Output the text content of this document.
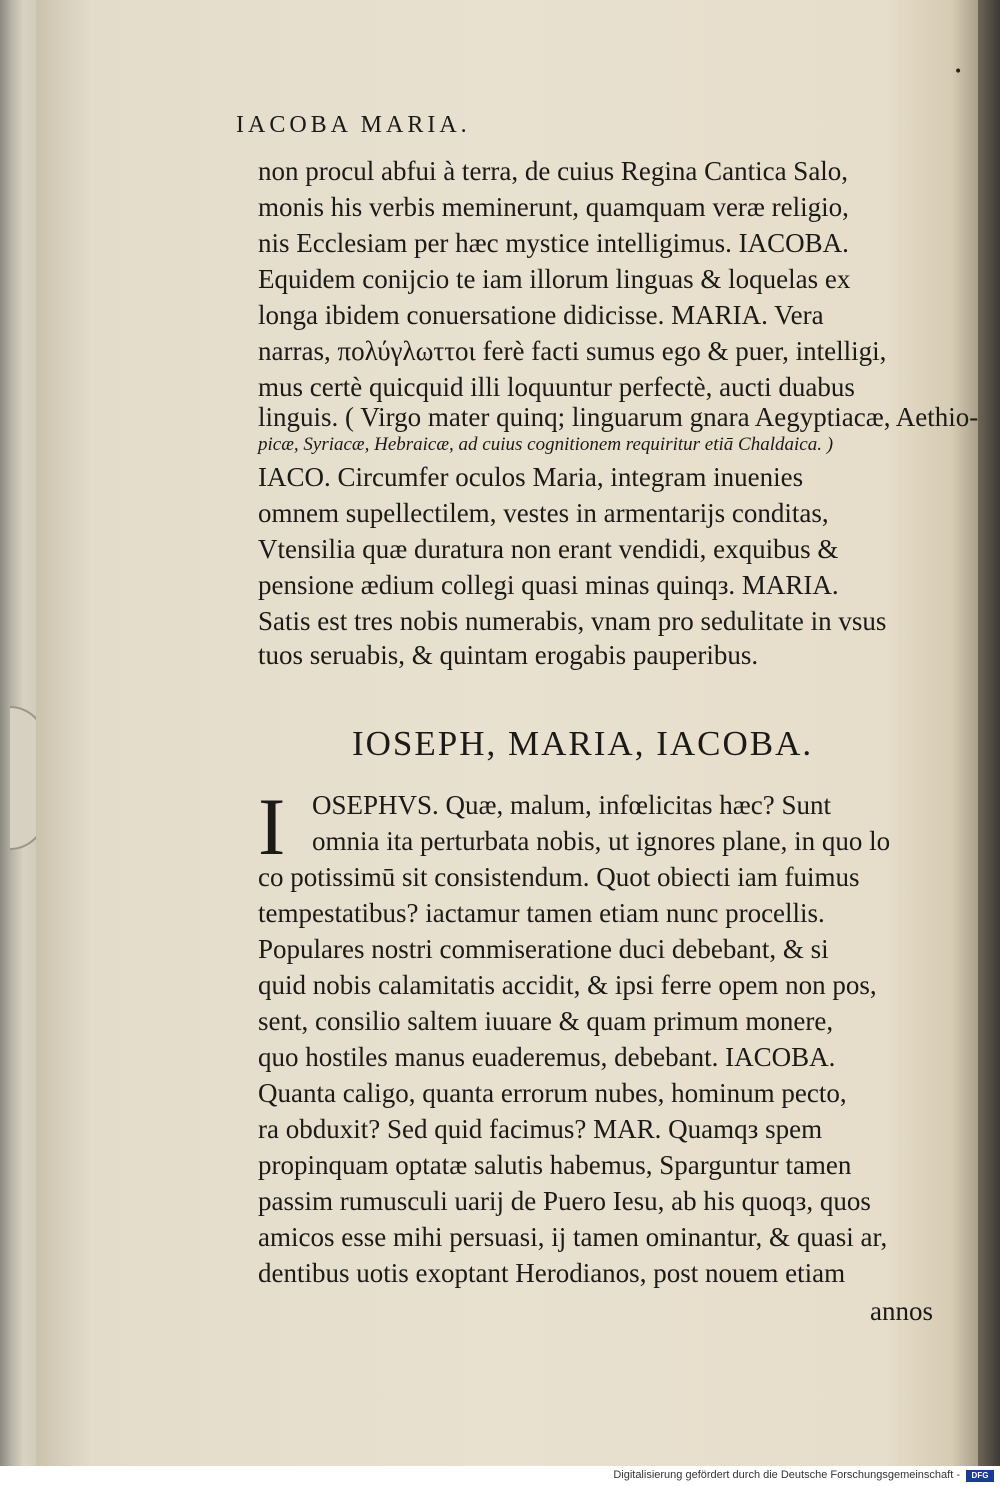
•
IACOBA MARIA.
non procul abfui à terra, de cuius Regina Cantica Salo,
monis his verbis meminerunt, quamquam veræ religio,
nis Ecclesiam per hæc mystice intelligimus. IACOBA.
Equidem conijcio te iam illorum linguas & loquelas ex
longa ibidem conuersatione didicisse. MARIA. Vera
narras, πολύγλωττοι ferè facti sumus ego & puer, intelligi,
mus certè quicquid illi loquuntur perfectè, aucti duabus
linguis. ( Virgo mater quinq; linguarum gnara Aegyptiacæ, Aethio-
picæ, Syriacæ, Hebraicæ, ad cuius cognitionem requiritur etiā Chaldaica. )
IACO. Circumfer oculos Maria, integram inuenies
omnem supellectilem, vestes in armentarijs conditas,
Vtensilia quæ duratura non erant vendidi, exquibus &
pensione ædium collegi quasi minas quinqз. MARIA.
Satis est tres nobis numerabis, vnam pro sedulitate in vsus
tuos seruabis, & quintam erogabis pauperibus.
IOSEPH, MARIA, IACOBA.
I OSEPHVS. Quæ, malum, infœlicitas hæc? Sunt
omnia ita perturbata nobis, ut ignores plane, in quo lo
co potissimū sit consistendum. Quot obiecti iam fuimus
tempestatibus? iactamur tamen etiam nunc procellis.
Populares nostri commiseratione duci debebant, & si
quid nobis calamitatis accidit, & ipsi ferre opem non pos,
sent, consilio saltem iuuare & quam primum monere,
quo hostiles manus euaderemus, debebant. IACOBA.
Quanta caligo, quanta errorum nubes, hominum pecto,
ra obduxit? Sed quid facimus? MAR. Quamqз spem
propinquam optatæ salutis habemus, Sparguntur tamen
passim rumusculi uarij de Puero Iesu, ab his quoqз, quos
amicos esse mihi persuasi, ij tamen ominantur, & quasi ar,
dentibus uotis exoptant Herodianos, post nouem etiam
annos
Digitalisierung gefördert durch die Deutsche Forschungsgemeinschaft -	DFG
